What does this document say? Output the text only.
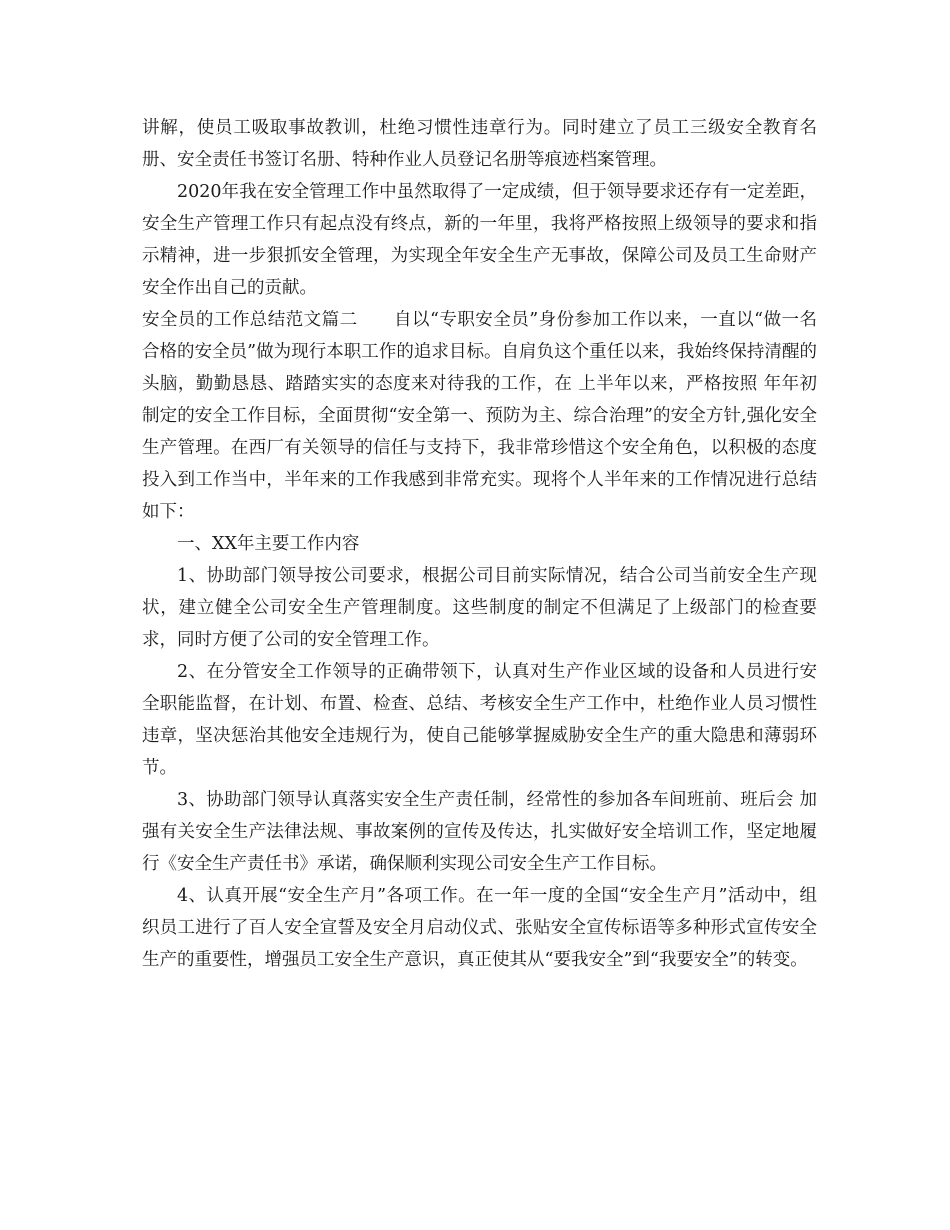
讲解，使员工吸取事故教训，杜绝习惯性违章行为。同时建立了员工三级安全教育名册、安全责任书签订名册、特种作业人员登记名册等痕迹档案管理。

2020年我在安全管理工作中虽然取得了一定成绩，但于领导要求还存有一定差距，安全生产管理工作只有起点没有终点，新的一年里，我将严格按照上级领导的要求和指示精神，进一步狠抓安全管理，为实现全年安全生产无事故，保障公司及员工生命财产安全作出自己的贡献。

安全员的工作总结范文篇二 自以“专职安全员”身份参加工作以来，一直以“做一名合格的安全员”做为现行本职工作的追求目标。自肩负这个重任以来，我始终保持清醒的头脑，勤勤恳恳、踏踏实实的态度来对待我的工作，在 上半年以来，严格按照 年年初制定的安全工作目标，全面贯彻“安全第一、预防为主、综合治理”的安全方针,强化安全生产管理。在西厂有关领导的信任与支持下，我非常珍惜这个安全角色，以积极的态度投入到工作当中，半年来的工作我感到非常充实。现将个人半年来的工作情况进行总结如下：

一、XX年主要工作内容

1、协助部门领导按公司要求，根据公司目前实际情况，结合公司当前安全生产现状，建立健全公司安全生产管理制度。这些制度的制定不但满足了上级部门的检查要求，同时方便了公司的安全管理工作。

2、在分管安全工作领导的正确带领下，认真对生产作业区域的设备和人员进行安全职能监督，在计划、布置、检查、总结、考核安全生产工作中，杜绝作业人员习惯性违章，坚决惩治其他安全违规行为，使自己能够掌握威胁安全生产的重大隐患和薄弱环节。

3、协助部门领导认真落实安全生产责任制，经常性的参加各车间班前、班后会 加强有关安全生产法律法规、事故案例的宣传及传达，扎实做好安全培训工作，坚定地履行《安全生产责任书》承诺，确保顺利实现公司安全生产工作目标。

4、认真开展“安全生产月”各项工作。在一年一度的全国“安全生产月”活动中，组织员工进行了百人安全宣誓及安全月启动仪式、张贴安全宣传标语等多种形式宣传安全生产的重要性，增强员工安全生产意识，真正使其从“要我安全”到“我要安全”的转变。
